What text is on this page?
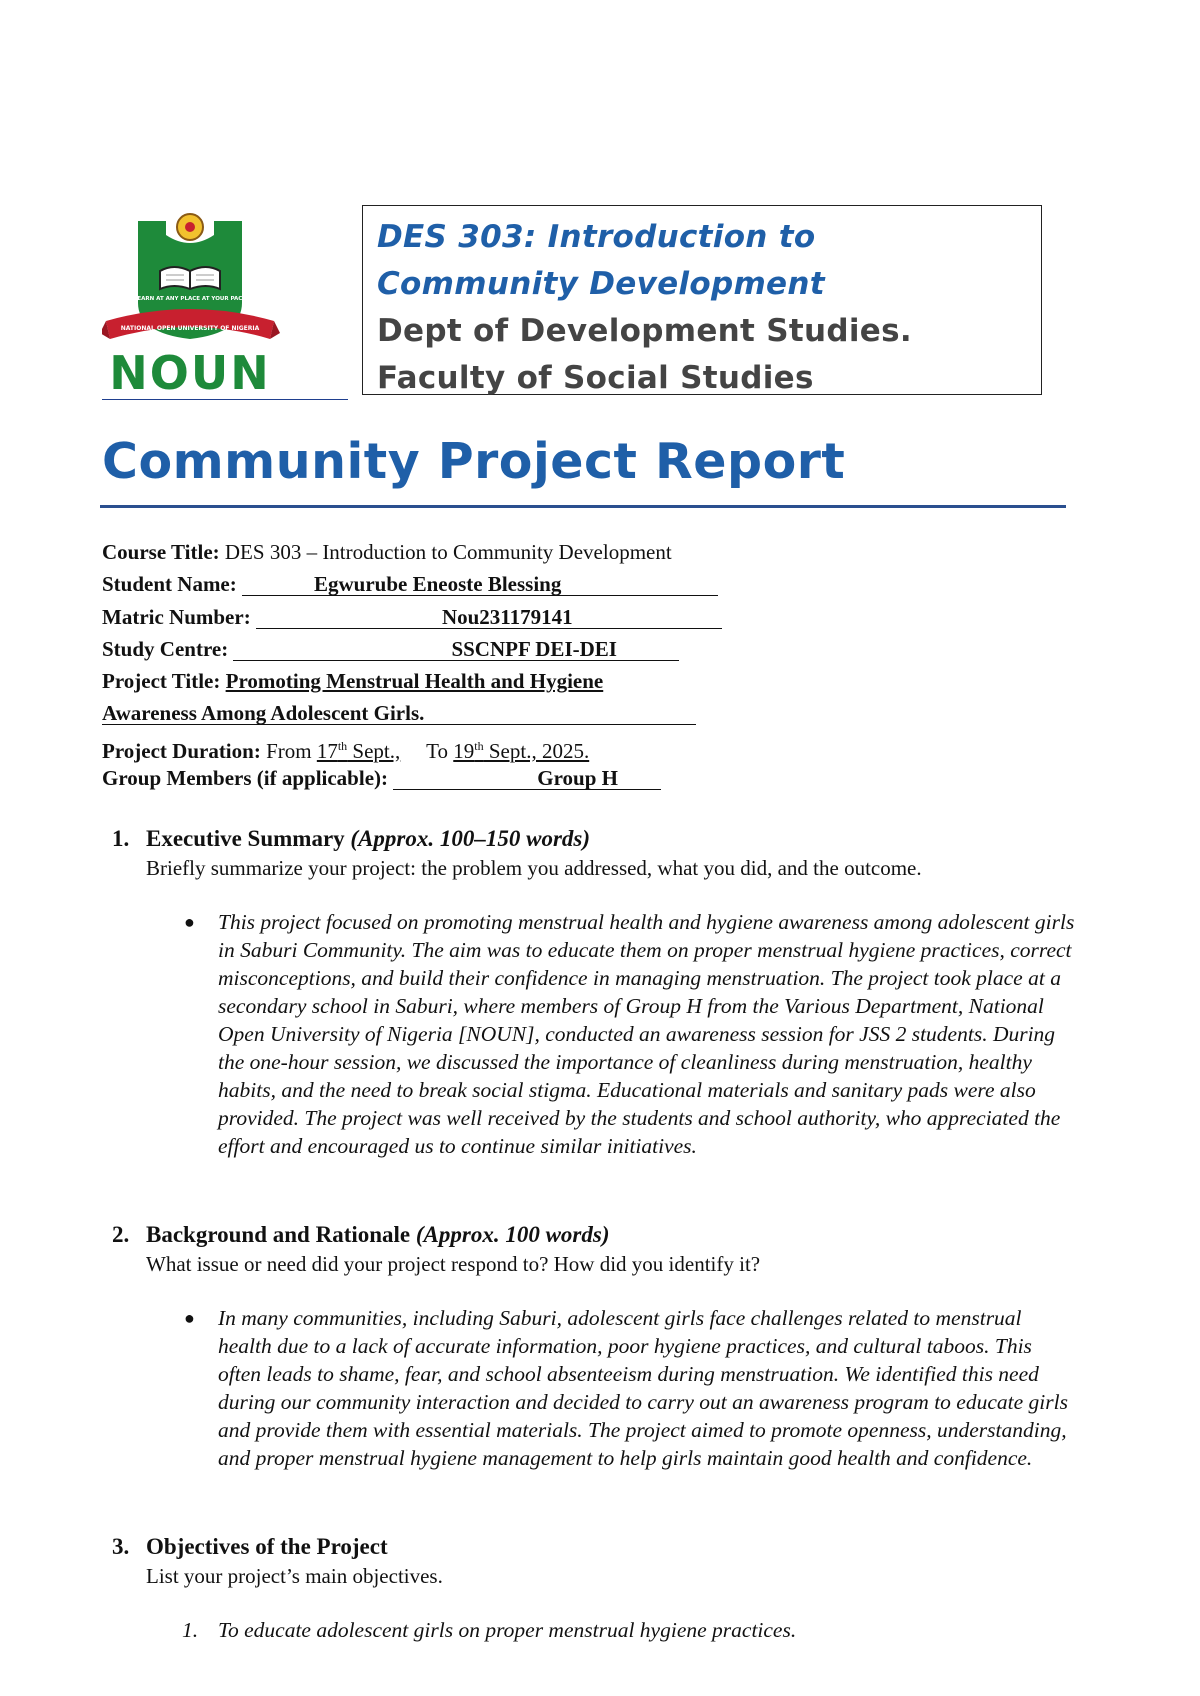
LEARN AT ANY PLACE AT YOUR PACE
NATIONAL OPEN UNIVERSITY OF NIGERIA
NOUN
DES 303: Introduction to
Community Development
Dept of Development Studies.
Faculty of Social Studies
Community Project Report
Course Title: DES 303 – Introduction to Community Development
Student Name:	Egwurube Eneoste Blessing
Matric Number:	Nou231179141
Study Centre:	SSCNPF DEI-DEI
Project Title: Promoting Menstrual Health and Hygiene
Awareness Among Adolescent Girls.
Project Duration: From 17th Sept., To 19th Sept., 2025.
Group Members (if applicable):	Group H
1. Executive Summary (Approx. 100–150 words)
Briefly summarize your project: the problem you addressed, what you did, and the outcome.
● This project focused on promoting menstrual health and hygiene awareness among adolescent girls in Saburi Community. The aim was to educate them on proper menstrual hygiene practices, correct misconceptions, and build their confidence in managing menstruation. The project took place at a secondary school in Saburi, where members of Group H from the Various Department, National Open University of Nigeria [NOUN], conducted an awareness session for JSS 2 students. During the one-hour session, we discussed the importance of cleanliness during menstruation, healthy habits, and the need to break social stigma. Educational materials and sanitary pads were also provided. The project was well received by the students and school authority, who appreciated the effort and encouraged us to continue similar initiatives.
2. Background and Rationale (Approx. 100 words)
What issue or need did your project respond to? How did you identify it?
● In many communities, including Saburi, adolescent girls face challenges related to menstrual health due to a lack of accurate information, poor hygiene practices, and cultural taboos. This often leads to shame, fear, and school absenteeism during menstruation. We identified this need during our community interaction and decided to carry out an awareness program to educate girls and provide them with essential materials. The project aimed to promote openness, understanding, and proper menstrual hygiene management to help girls maintain good health and confidence.
3. Objectives of the Project
List your project’s main objectives.
1. To educate adolescent girls on proper menstrual hygiene practices.
